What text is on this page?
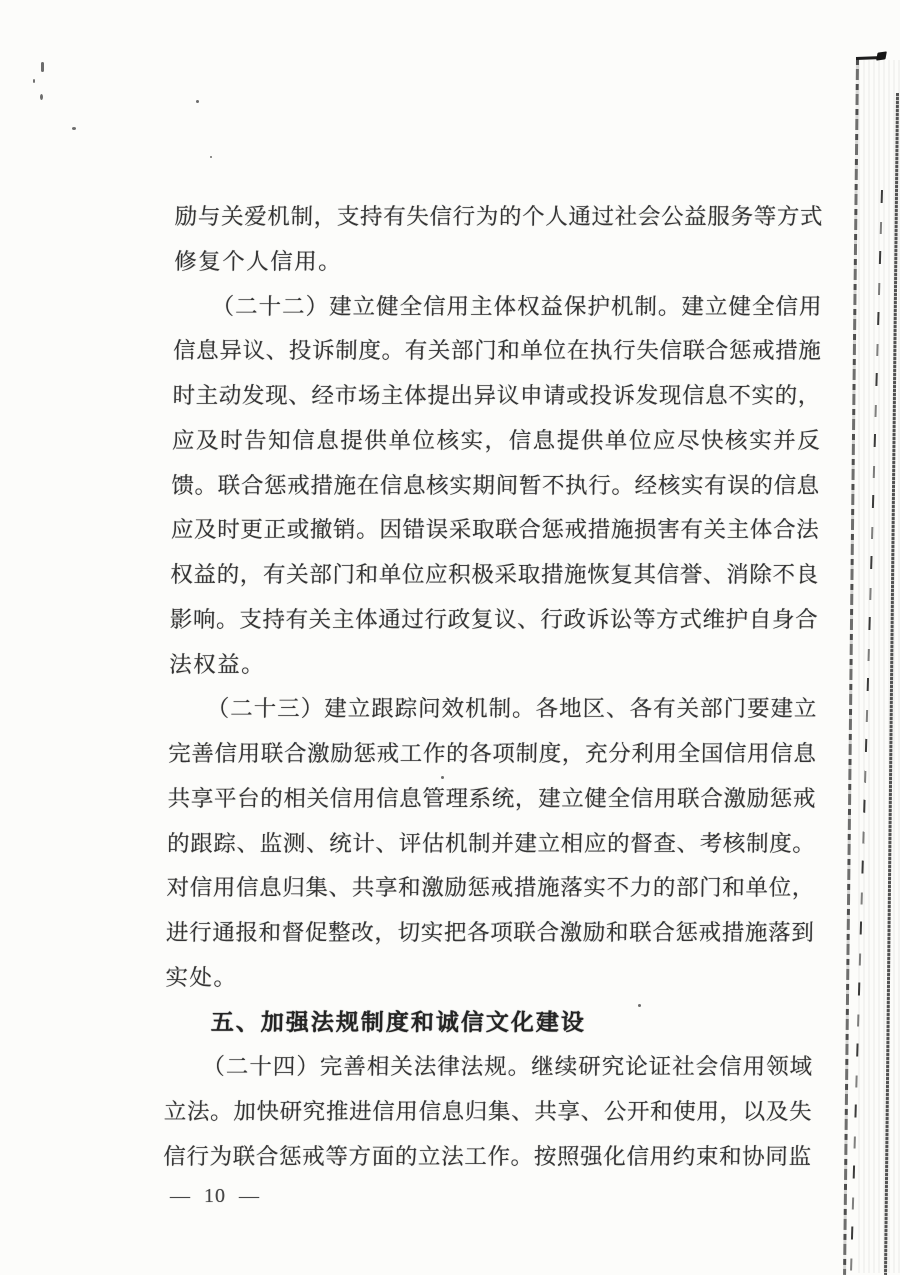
励与关爱机制，支持有失信行为的个人通过社会公益服务等方式
修复个人信用。
（二十二）建立健全信用主体权益保护机制。建立健全信用
信息异议、投诉制度。有关部门和单位在执行失信联合惩戒措施
时主动发现、经市场主体提出异议申请或投诉发现信息不实的，
应及时告知信息提供单位核实，信息提供单位应尽快核实并反
馈。联合惩戒措施在信息核实期间暂不执行。经核实有误的信息
应及时更正或撤销。因错误采取联合惩戒措施损害有关主体合法
权益的，有关部门和单位应积极采取措施恢复其信誉、消除不良
影响。支持有关主体通过行政复议、行政诉讼等方式维护自身合
法权益。
（二十三）建立跟踪问效机制。各地区、各有关部门要建立
完善信用联合激励惩戒工作的各项制度，充分利用全国信用信息
共享平台的相关信用信息管理系统，建立健全信用联合激励惩戒
的跟踪、监测、统计、评估机制并建立相应的督查、考核制度。
对信用信息归集、共享和激励惩戒措施落实不力的部门和单位，
进行通报和督促整改，切实把各项联合激励和联合惩戒措施落到
实处。
五、加强法规制度和诚信文化建设
（二十四）完善相关法律法规。继续研究论证社会信用领域
立法。加快研究推进信用信息归集、共享、公开和使用，以及失
信行为联合惩戒等方面的立法工作。按照强化信用约束和协同监
— 10 —
